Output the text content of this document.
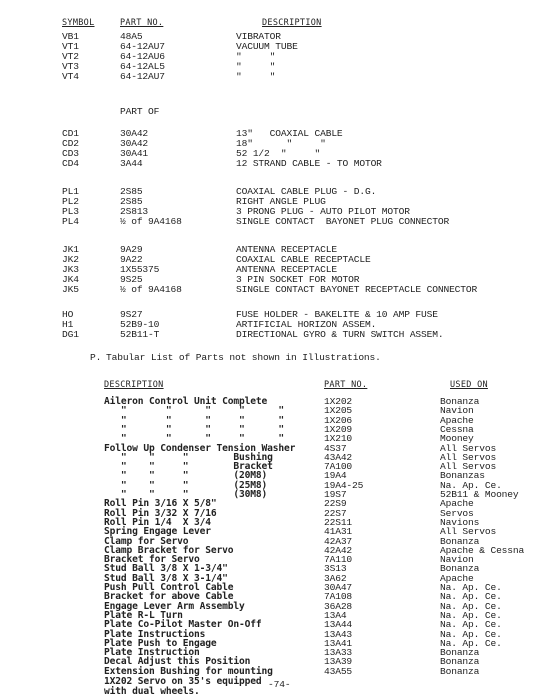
SYMBOL	PART NO.	DESCRIPTION
PART OF
VB1	48A5	VIBRATOR
VT1	64-12AU7	VACUUM TUBE
VT2	64-12AU6	"     "
VT3	64-12AL5	"     "
VT4	64-12AU7	"     "
CD1	30A42	13"   COAXIAL CABLE
CD2	30A42	18"      "     "
CD3	30A41	52 1/2  "     "
CD4	3A44	12 STRAND CABLE - TO MOTOR
PL1	2S85	COAXIAL CABLE PLUG - D.G.
PL2	2S85	RIGHT ANGLE PLUG
PL3	2S813	3 PRONG PLUG - AUTO PILOT MOTOR
PL4	½ of 9A4168	SINGLE CONTACT  BAYONET PLUG CONNECTOR
JK1	9A29	ANTENNA RECEPTACLE
JK2	9A22	COAXIAL CABLE RECEPTACLE
JK3	1X55375	ANTENNA RECEPTACLE
JK4	9S25	3 PIN SOCKET FOR MOTOR
JK5	½ of 9A4168	SINGLE CONTACT BAYONET RECEPTACLE CONNECTOR
HO	9S27	FUSE HOLDER - BAKELITE & 10 AMP FUSE
H1	52B9-10	ARTIFICIAL HORIZON ASSEM.
DG1	52B11-T	DIRECTIONAL GYRO & TURN SWITCH ASSEM.
P. Tabular List of Parts not shown in Illustrations.
DESCRIPTION	PART NO.	USED ON
Aileron Control Unit Complete	1X202	Bonanza
"       "      "     "      "	1X205	Navion
"       "      "     "      "	1X206	Apache
"       "      "     "      "	1X209	Cessna
"       "      "     "      "	1X210	Mooney
Follow Up Condenser Tension Washer	4S37	All Servos
"    "     "        Bushing	43A42	All Servos
"    "     "        Bracket	7A100	All Servos
"    "     "        (20M8)	19A4	Bonanzas
"    "     "        (25M8)	19A4-25	Na. Ap. Ce.
"    "     "        (30M8)	19S7	52B11 & Mooney
Roll Pin 3/16 X 5/8"	22S9	Apache
Roll Pin 3/32 X 7/16	22S7	Servos
Roll Pin 1/4  X 3/4	22S11	Navions
Spring Engage Lever	41A31	All Servos
Clamp for Servo	42A37	Bonanza
Clamp Bracket for Servo	42A42	Apache & Cessna
Bracket for Servo	7A110	Navion
Stud Ball 3/8 X 1-3/4"	3S13	Bonanza
Stud Ball 3/8 X 3-1/4"	3A62	Apache
Push Pull Control Cable	30A47	Na. Ap. Ce.
Bracket for above Cable	7A108	Na. Ap. Ce.
Engage Lever Arm Assembly	36A28	Na. Ap. Ce.
Plate R-L Turn	13A4	Na. Ap. Ce.
Plate Co-Pilot Master On-Off	13A44	Na. Ap. Ce.
Plate Instructions	13A43	Na. Ap. Ce.
Plate Push to Engage	13A41	Na. Ap. Ce.
Plate Instruction	13A33	Bonanza
Decal Adjust this Position	13A39	Bonanza
Extension Bushing for mounting	43A55	Bonanza
1X202 Servo on 35's equipped
with dual wheels.
-74-
